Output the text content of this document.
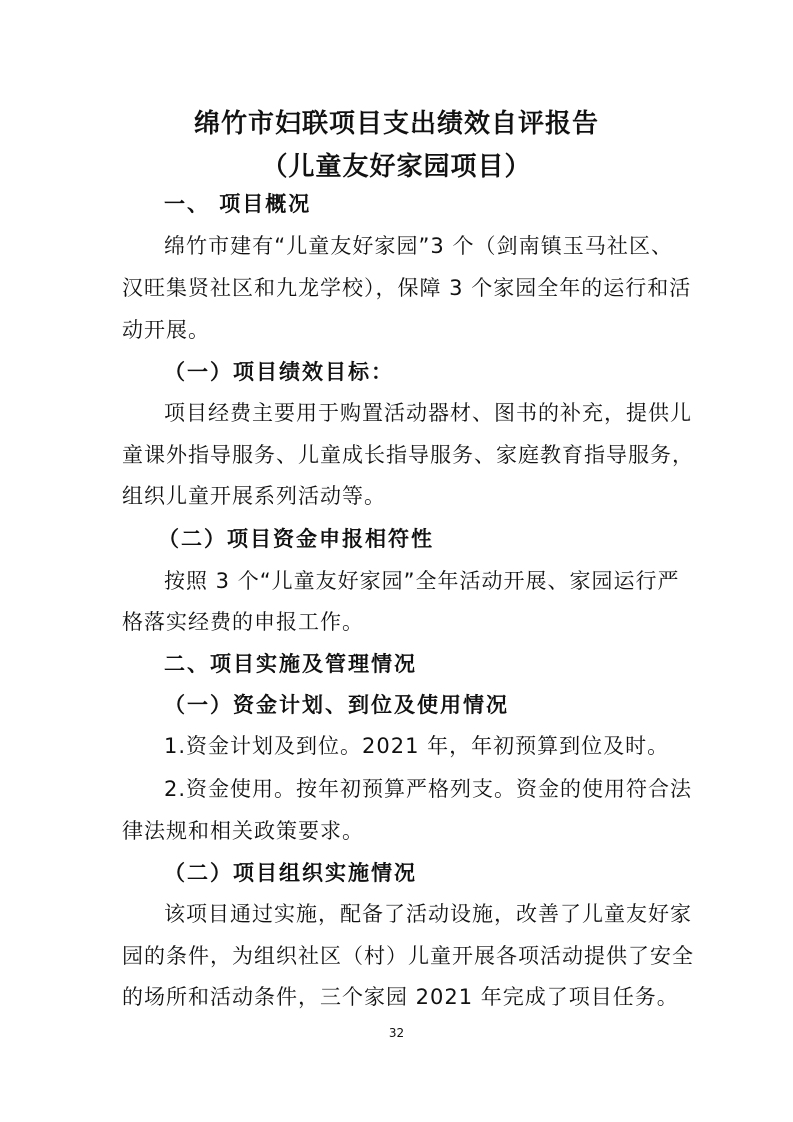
绵竹市妇联项目支出绩效自评报告
（儿童友好家园项目）
一、 项目概况
绵竹市建有“儿童友好家园”3 个（剑南镇玉马社区、
汉旺集贤社区和九龙学校），保障 3 个家园全年的运行和活
动开展。
（一）项目绩效目标：
项目经费主要用于购置活动器材、图书的补充，提供儿
童课外指导服务、儿童成长指导服务、家庭教育指导服务，
组织儿童开展系列活动等。
（二）项目资金申报相符性
按照 3 个“儿童友好家园”全年活动开展、家园运行严
格落实经费的申报工作。
二、项目实施及管理情况
（一）资金计划、到位及使用情况
1.资金计划及到位。2021 年，年初预算到位及时。
2.资金使用。按年初预算严格列支。资金的使用符合法
律法规和相关政策要求。
（二）项目组织实施情况
该项目通过实施，配备了活动设施，改善了儿童友好家
园的条件，为组织社区（村）儿童开展各项活动提供了安全
的场所和活动条件，三个家园 2021 年完成了项目任务。
32
